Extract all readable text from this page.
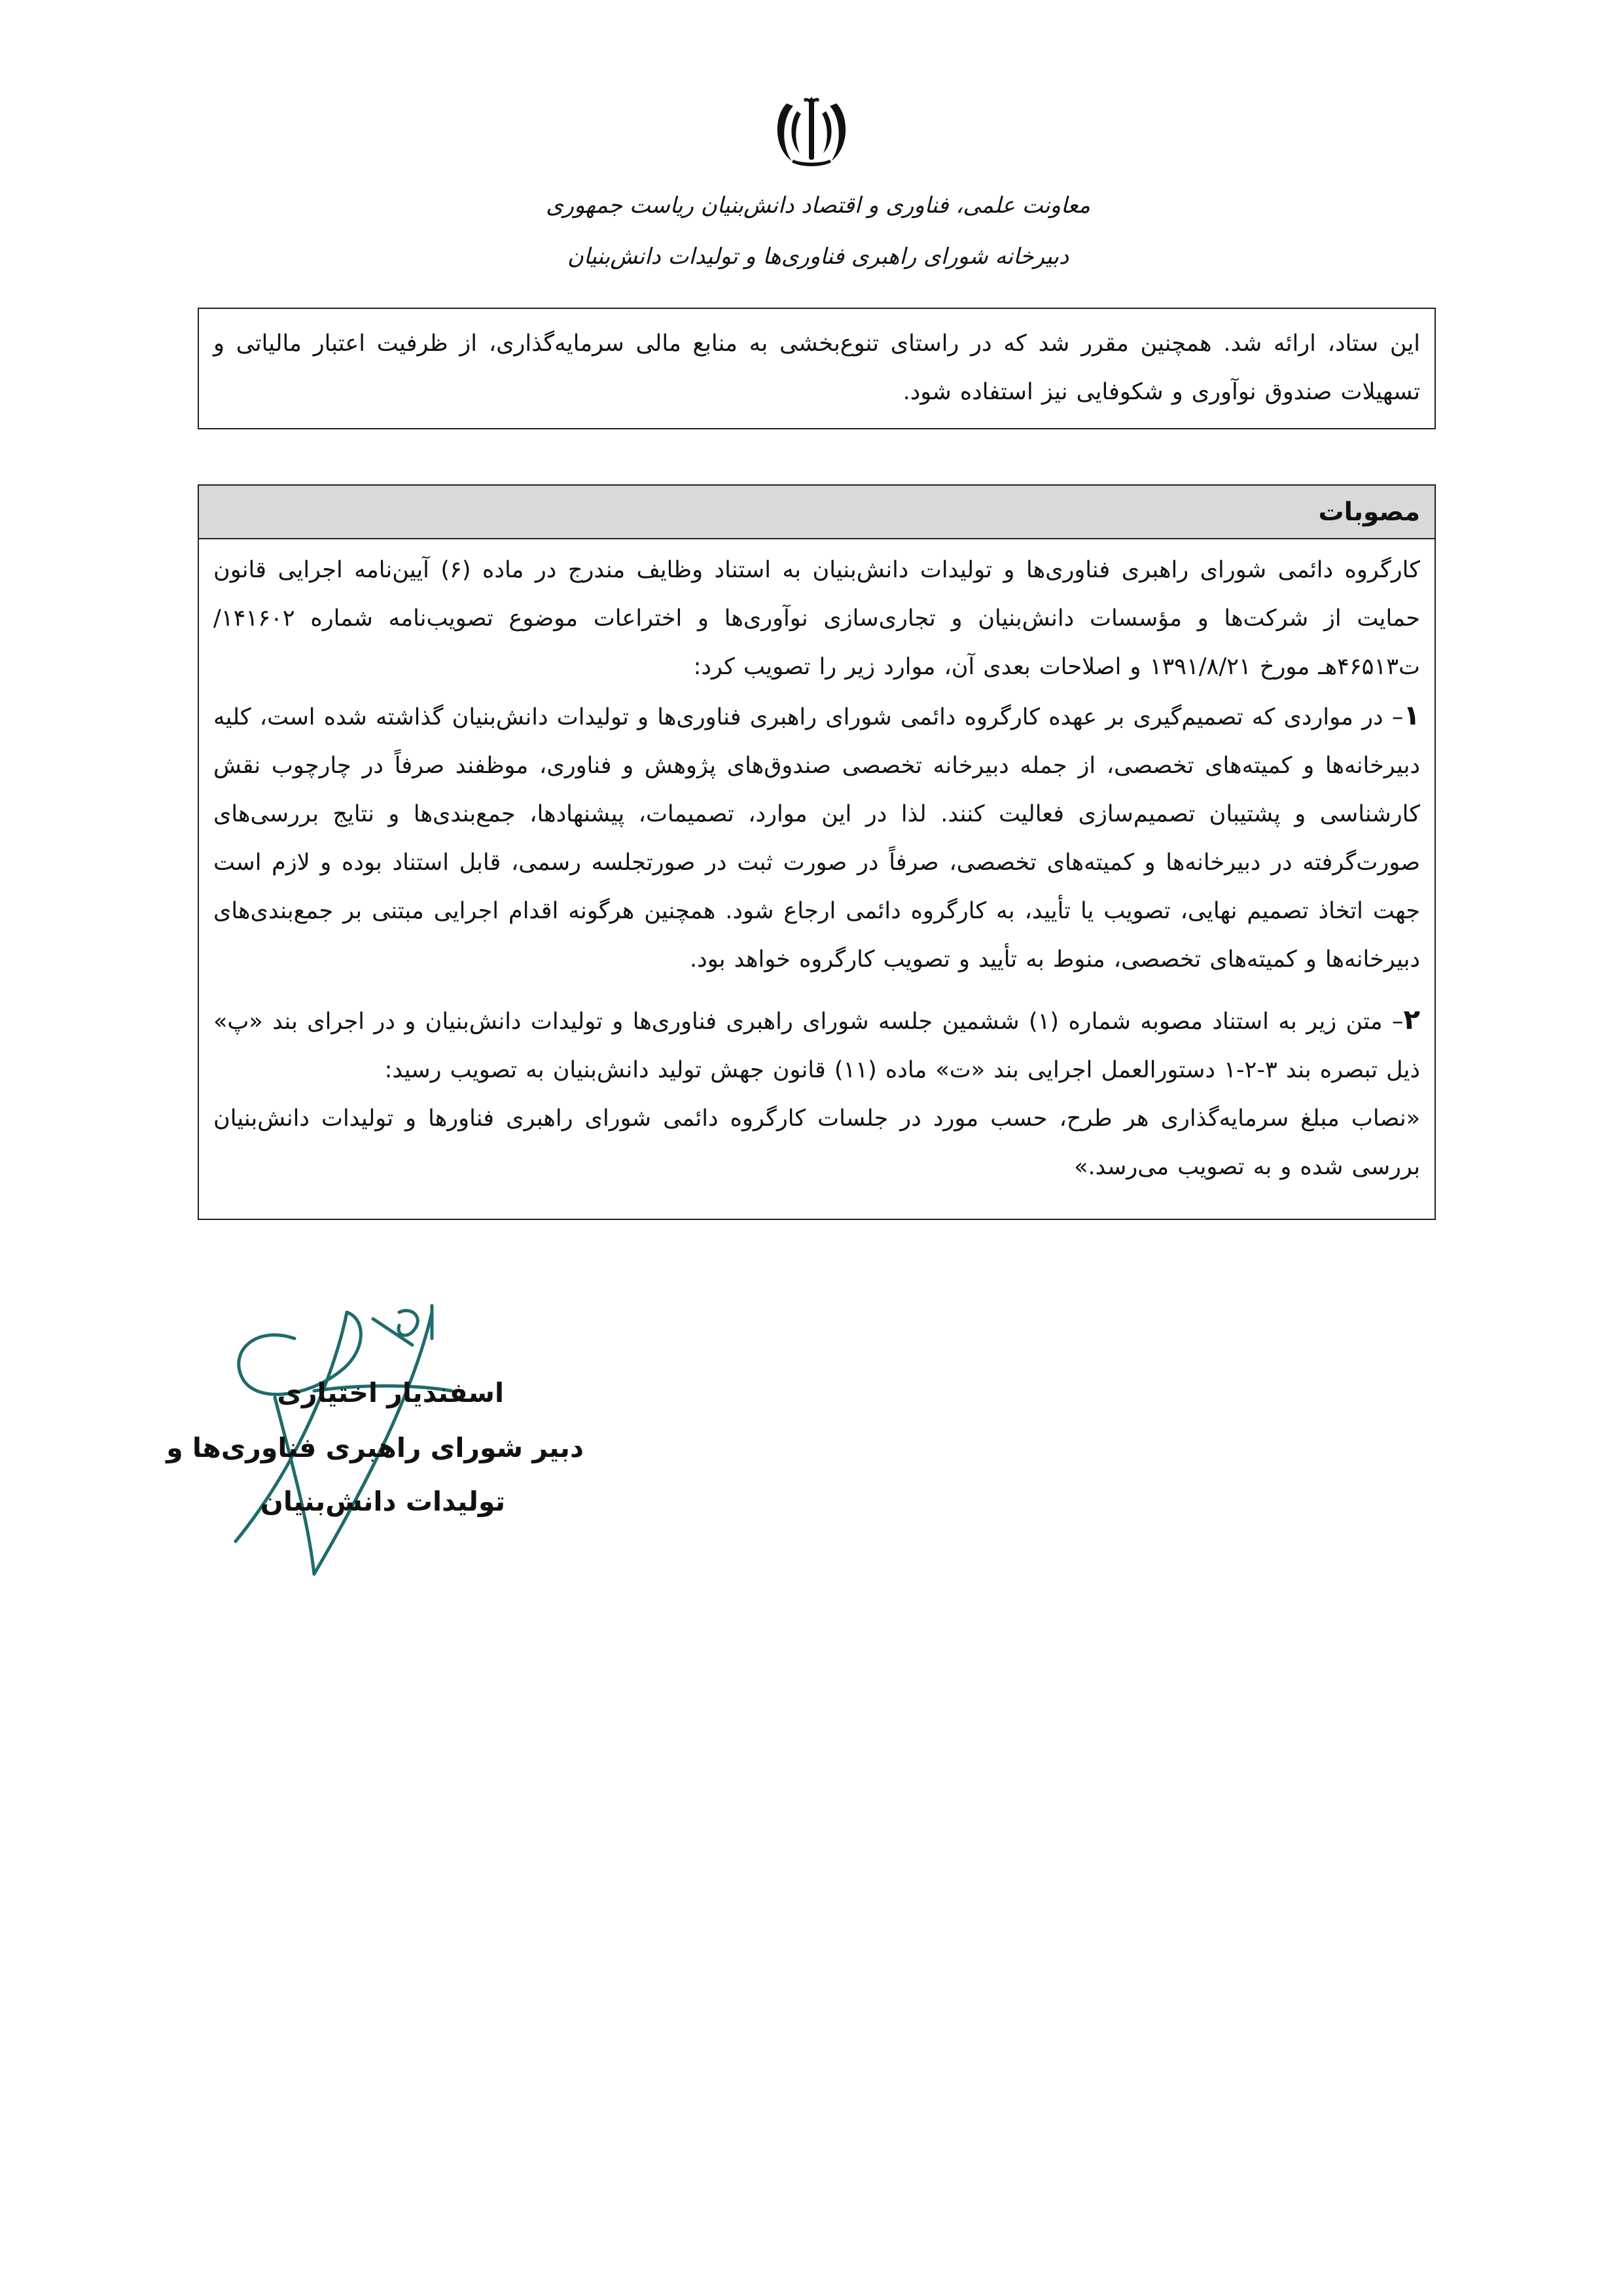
معاونت علمی، فناوری و اقتصاد دانش‌بنیان ریاست جمهوری
دبیرخانه شورای راهبری فناوری‌ها و تولیدات دانش‌بنیان

این ستاد، ارائه شد. همچنین مقرر شد که در راستای تنوع‌بخشی به منابع مالی سرمایه‌گذاری، از ظرفیت اعتبار مالیاتی و تسهیلات صندوق نوآوری و شکوفایی نیز استفاده شود.

مصوبات

کارگروه دائمی شورای راهبری فناوری‌ها و تولیدات دانش‌بنیان به استناد وظایف مندرج در ماده (۶) آیین‌نامه اجرایی قانون حمایت از شرکت‌ها و مؤسسات دانش‌بنیان و تجاری‌سازی نوآوری‌ها و اختراعات موضوع تصویب‌نامه شماره ۱۴۱۶۰۲/ت۴۶۵۱۳هـ مورخ ۱۳۹۱/۸/۲۱ و اصلاحات بعدی آن، موارد زیر را تصویب کرد:

۱– در مواردی که تصمیم‌گیری بر عهده کارگروه دائمی شورای راهبری فناوری‌ها و تولیدات دانش‌بنیان گذاشته شده است، کلیه دبیرخانه‌ها و کمیته‌های تخصصی، از جمله دبیرخانه تخصصی صندوق‌های پژوهش و فناوری، موظفند صرفاً در چارچوب نقش کارشناسی و پشتیبان تصمیم‌سازی فعالیت کنند. لذا در این موارد، تصمیمات، پیشنهادها، جمع‌بندی‌ها و نتایج بررسی‌های صورت‌گرفته در دبیرخانه‌ها و کمیته‌های تخصصی، صرفاً در صورت ثبت در صورتجلسه رسمی، قابل استناد بوده و لازم است جهت اتخاذ تصمیم نهایی، تصویب یا تأیید، به کارگروه دائمی ارجاع شود. همچنین هرگونه اقدام اجرایی مبتنی بر جمع‌بندی‌های دبیرخانه‌ها و کمیته‌های تخصصی، منوط به تأیید و تصویب کارگروه خواهد بود.

۲– متن زیر به استناد مصوبه شماره (۱) ششمین جلسه شورای راهبری فناوری‌ها و تولیدات دانش‌بنیان و در اجرای بند «پ» ذیل تبصره بند ۳-۲-۱ دستورالعمل اجرایی بند «ت» ماده (۱۱) قانون جهش تولید دانش‌بنیان به تصویب رسید:

«نصاب مبلغ سرمایه‌گذاری هر طرح، حسب مورد در جلسات کارگروه دائمی شورای راهبری فناورها و تولیدات دانش‌بنیان بررسی شده و به تصویب می‌رسد.»

اسفندیار اختیاری
دبیر شورای راهبری فناوری‌ها و
تولیدات دانش‌بنیان
